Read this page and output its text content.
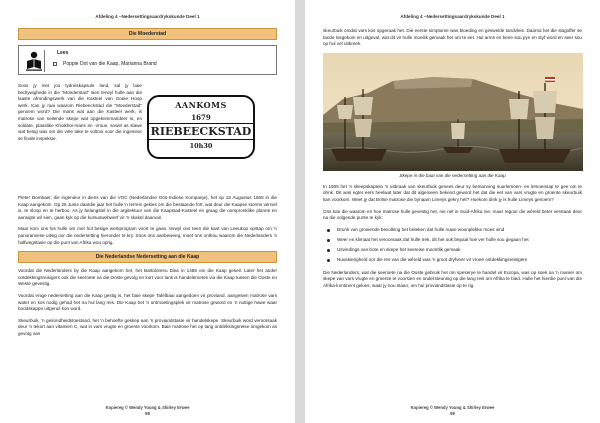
Afdeling 4 –Nedersettingsaardrykskunde Deel 1
Die Moederstad
Lees
Poppie Dot van die Kaap, Marianna Brand
Soos jy met jou tydreiskapsule land, sal jy baie bedrywighede in die "Moederstad" sien terwyl hulle aan die laaste afrondingswerk van die Kasteel van Goeie Hoop werk. Kan jy raai waarom Riebeeckstad die "Moederstad" genoem word? Die mans wat aan die Kasteel werk, is matrose van seilende skepe wat opgekommandeer is, en soldate, plaaslike Khoikhoi-mans en -vroue, sowel as slawe wat besig was om die vele take te voltooi voor die ingenieur se finale inspeksie.
AANKOMS
1679
RIEBEECKSTAD
10h30

Pieter Dombaer, die ingenieur in diens van die VOC (Nederlandse Oos-Indiese Kompanje), het op 18 Augustus 1665 in die Kaap aangekom. Op 26 Junie daardie jaar het hulle 'n terrein gekies om die bestaande fort, wat deur die Kaapse storms verniel is, te sloop en te herbou. As jy belangstel in die argitektuur van die Kaapstad-Kasteel en graag die oorspronklike planne en aansigte wil sien, gaan kyk op die kursuswebwerf vir 'n skakel daarvan.

Maar kom ons los hulle om met hul besige werkprogram voort te gaan, terwyl ons teen die kant van Leeukop opstap om 'n panoramiese uitsig oor die nedersetting hieronder te kry. Soos ons aanbeweeg, moet ons onthou waarom die Nederlanders 'n halfwegstasie op die punt van Afrika wou oprig.

Die Nederlandse Nedersetting aan die Kaap

Voordat die Nederlanders by die Kaap aangekom het, het Bartolomeu Dias in 1488 om die Kaap geseil. Later het ander ontdekkingsreisigers ook die seeroete na die Ooste gevolg en kort voor lank is handelsroetes via die Kaap tussen die Ooste en Weste gevestig.

Voordat enige nedersetting aan die Kaap gestig is, het baie skepe Tafelbaai aangedoen vir proviand, aangesien matrose vars water en kos nodig gehad het na hul lang reis. Die Kaap het 'n ontmoetingsplek vir matrose geword en 'n nuttige hawe waar boodskappe uitgeruil kon word.

Skeurbuik, 'n gesondheidstoestand, het 'n behoefte geskep aan 'n proviandstasie vir handelskepe. Skeurbuik word veroorsaak deur 'n tekort aan vitamien C, wat in vars vrugte en groente voorkom. Baie matrose het op lang ontdekkingsreise omgekom as gevolg van

Kopiereg © Wendy Young & Shirley Erwee
98
Afdeling 4 –Nedersettingsaardrykskunde Deel 1

skeurbuik omdat vars kos opgeraak het. Die eerste simptome was bloeding en geswelde tandvleis. Daarna het die slagoffer se tande losgekom en uitgeval, wat dit vir hulle moeilik gemaak het om te eet. Hul arms en bene sou pyn en styf word en seer sou op hul vel uitbreek.

Skepe in die baai van die nedersetting aan die Kaap

In 1605 het 'n skeepskaptein 'n uitbraak van skeurbuik genees deur sy bemanning suurlemoen- en lemoensap te gee om te drink. Dit was egter eers heelwat later dat dit algemeen bekend geword het dat die eet van vars vrugte en groente skeurbuik kan voorkom. Weet jy dat Britse matrose die bynaam Limeys gekry het? Hoekom dink jy is hulle Limeys genoem?

Ons kan die waarom en hoe matrose hulle gevestig het, nie net in Suid-Afrika nie, maar regoor die wêreld beter verstaan deur na die volgende punte te kyk:

Drunk van groeiende bevolking het beteken dat hulle nuwe woonplekke moes vind
Weer en klimaat het veroorsaak dat hulle trek, dit het ook bepaal hoe ver hulle sou gegaan het
Uitvindings van bote en skepe het seereise moontlik gemaak
Nuuskierigheid oor die res van die wêreld was 'n groot dryfveer vir vroeë ontdekkingsreisigers

Die Nederlanders, wat die seeroete na die Ooste gebruik het om speserye te handel vir Europa, was op soek na 'n manier om skepe van vars vrugte en groente te voorsien en ondersteuning op die lang reis om Afrika te bied. Hulle het hierdie punt van die Afrika-kontinent gekies, waar jy nou staan, om hul proviandstasie op te rig.

Kopiereg © Wendy Young & Shirley Erwee
99
